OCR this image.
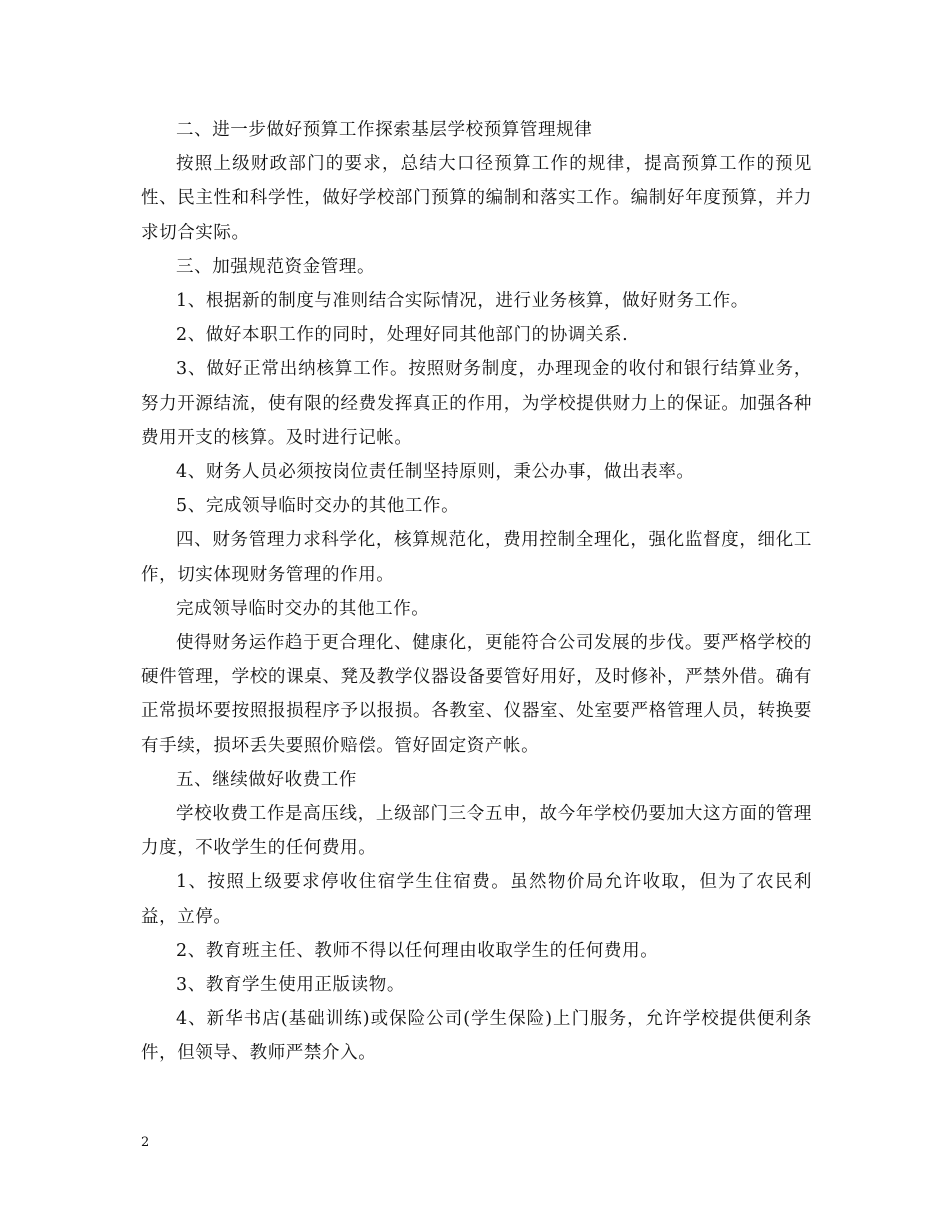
二、进一步做好预算工作探索基层学校预算管理规律

按照上级财政部门的要求，总结大口径预算工作的规律，提高预算工作的预见性、民主性和科学性，做好学校部门预算的编制和落实工作。编制好年度预算，并力求切合实际。

三、加强规范资金管理。

1、根据新的制度与准则结合实际情况，进行业务核算，做好财务工作。

2、做好本职工作的同时，处理好同其他部门的协调关系.

3、做好正常出纳核算工作。按照财务制度，办理现金的收付和银行结算业务，努力开源结流，使有限的经费发挥真正的作用，为学校提供财力上的保证。加强各种费用开支的核算。及时进行记帐。

4、财务人员必须按岗位责任制坚持原则，秉公办事，做出表率。

5、完成领导临时交办的其他工作。

四、财务管理力求科学化，核算规范化，费用控制全理化，强化监督度，细化工作，切实体现财务管理的作用。

完成领导临时交办的其他工作。

使得财务运作趋于更合理化、健康化，更能符合公司发展的步伐。要严格学校的硬件管理，学校的课桌、凳及教学仪器设备要管好用好，及时修补，严禁外借。确有正常损坏要按照报损程序予以报损。各教室、仪器室、处室要严格管理人员，转换要有手续，损坏丢失要照价赔偿。管好固定资产帐。

五、继续做好收费工作

学校收费工作是高压线，上级部门三令五申，故今年学校仍要加大这方面的管理力度，不收学生的任何费用。

1、按照上级要求停收住宿学生住宿费。虽然物价局允许收取，但为了农民利益，立停。

2、教育班主任、教师不得以任何理由收取学生的任何费用。

3、教育学生使用正版读物。

4、新华书店(基础训练)或保险公司(学生保险)上门服务，允许学校提供便利条件，但领导、教师严禁介入。

2
